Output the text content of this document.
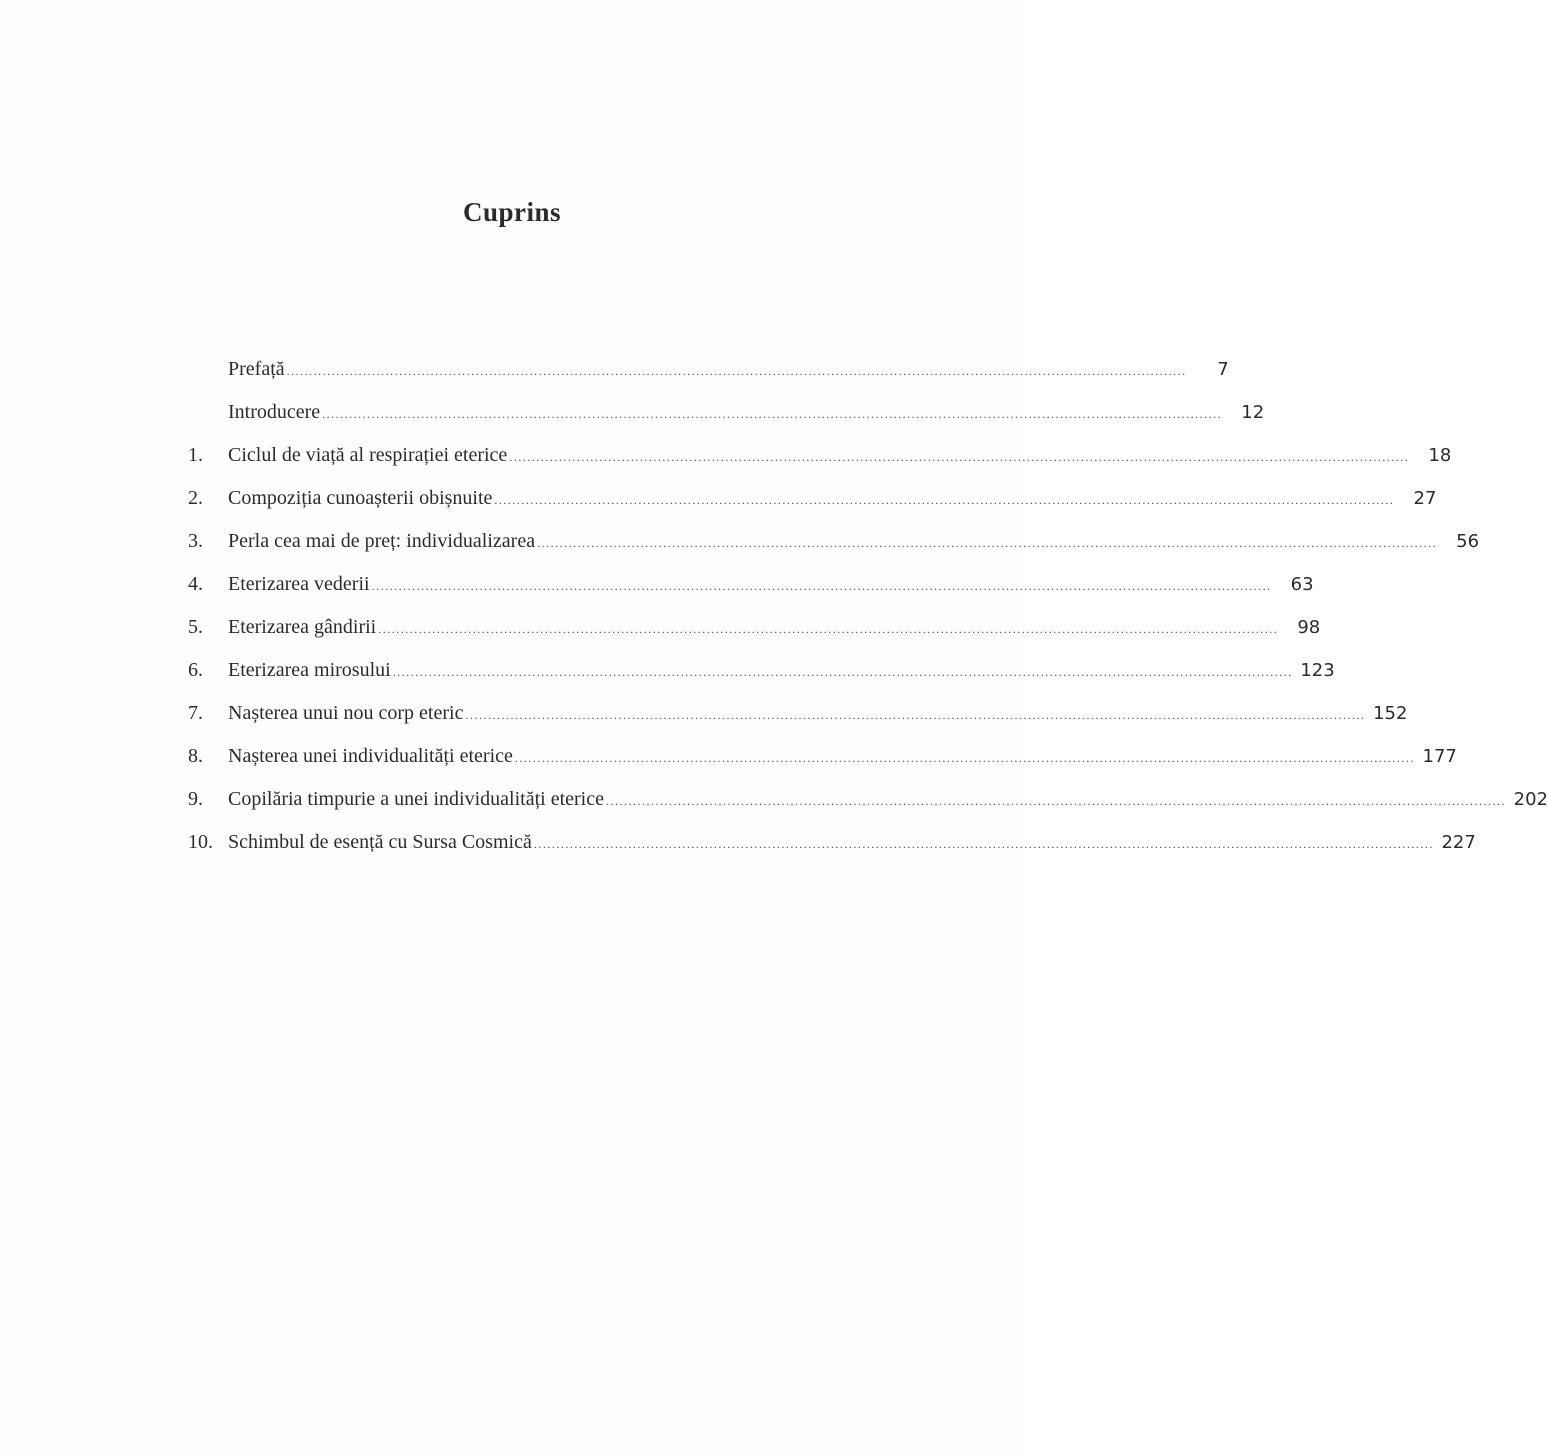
Cuprins
Prefață ........................................................................................................................................................................................................	7
Introducere ........................................................................................................................................................................................................	12
1.	Ciclul de viață al respirației eterice ........................................................................................................................................................................................................	18
2.	Compoziția cunoașterii obișnuite ........................................................................................................................................................................................................	27
3.	Perla cea mai de preț: individualizarea ........................................................................................................................................................................................................	56
4.	Eterizarea vederii ........................................................................................................................................................................................................	63
5.	Eterizarea gândirii ........................................................................................................................................................................................................	98
6.	Eterizarea mirosului ........................................................................................................................................................................................................ 123
7.	Nașterea unui nou corp eteric ........................................................................................................................................................................................................ 152
8.	Nașterea unei individualități eterice ........................................................................................................................................................................................................ 177
9.	Copilăria timpurie a unei individualități eterice ........................................................................................................................................................................................................ 202
10. Schimbul de esență cu Sursa Cosmică ........................................................................................................................................................................................................ 227
